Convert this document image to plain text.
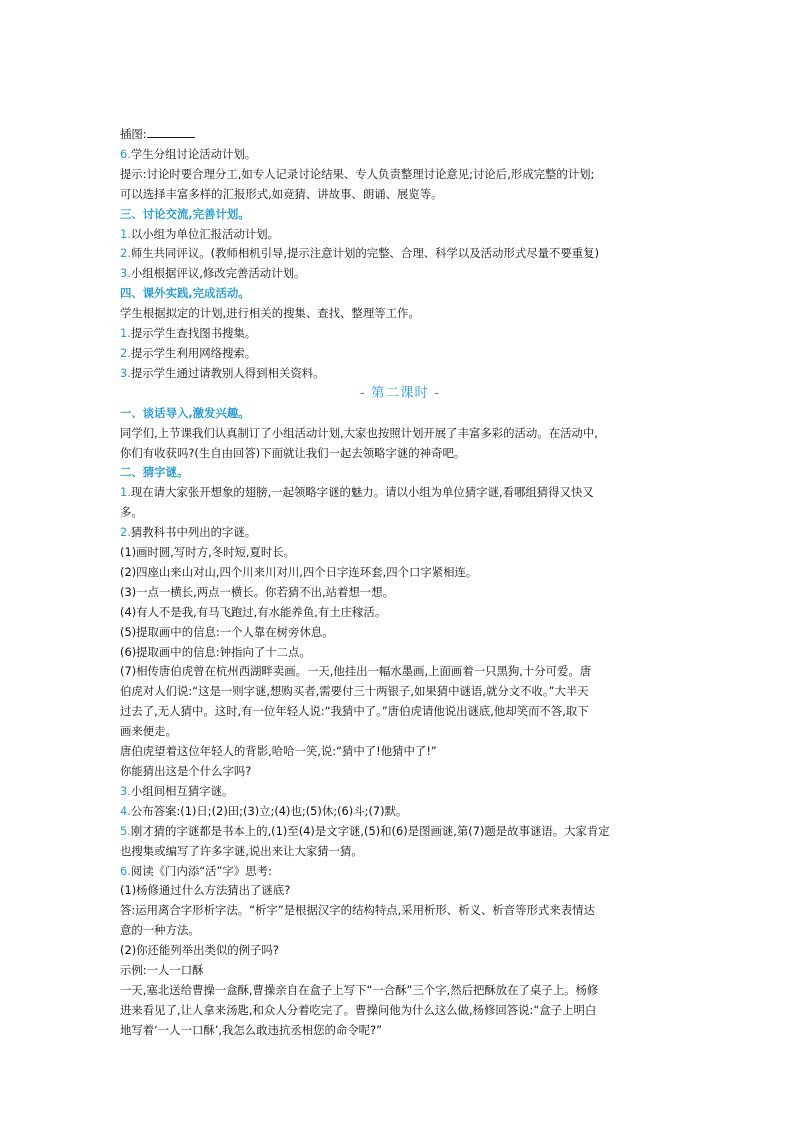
插图:
6.学生分组讨论活动计划。
提示:讨论时要合理分工,如专人记录讨论结果、专人负责整理讨论意见;讨论后,形成完整的计划;
可以选择丰富多样的汇报形式,如竞猜、讲故事、朗诵、展览等。
三、讨论交流,完善计划。
1.以小组为单位汇报活动计划。
2.师生共同评议。(教师相机引导,提示注意计划的完整、合理、科学以及活动形式尽量不要重复)
3.小组根据评议,修改完善活动计划。
四、课外实践,完成活动。
学生根据拟定的计划,进行相关的搜集、查找、整理等工作。
1.提示学生查找图书搜集。
2.提示学生利用网络搜索。
3.提示学生通过请教别人得到相关资料。
- 第二课时 -
一、谈话导入,激发兴趣。
同学们,上节课我们认真制订了小组活动计划,大家也按照计划开展了丰富多彩的活动。在活动中,
你们有收获吗?(生自由回答)下面就让我们一起去领略字谜的神奇吧。
二、猜字谜。
1.现在请大家张开想象的翅膀,一起领略字谜的魅力。请以小组为单位猜字谜,看哪组猜得又快又
多。
2.猜教科书中列出的字谜。
(1)画时圆,写时方,冬时短,夏时长。
(2)四座山来山对山,四个川来川对川,四个日字连环套,四个口字紧相连。
(3)一点一横长,两点一横长。你若猜不出,站着想一想。
(4)有人不是我,有马飞跑过,有水能养鱼,有土庄稼活。
(5)提取画中的信息:一个人靠在树旁休息。
(6)提取画中的信息:钟指向了十二点。
(7)相传唐伯虎曾在杭州西湖畔卖画。一天,他挂出一幅水墨画,上面画着一只黑狗,十分可爱。唐
伯虎对人们说:“这是一则字谜,想购买者,需要付三十两银子,如果猜中谜语,就分文不收。”大半天
过去了,无人猜中。这时,有一位年轻人说:“我猜中了。”唐伯虎请他说出谜底,他却笑而不答,取下
画来便走。
唐伯虎望着这位年轻人的背影,哈哈一笑,说:“猜中了!他猜中了!”
你能猜出这是个什么字吗?
3.小组间相互猜字谜。
4.公布答案:(1)日;(2)田;(3)立;(4)也;(5)休;(6)斗;(7)默。
5.刚才猜的字谜都是书本上的,(1)至(4)是文字谜,(5)和(6)是图画谜,第(7)题是故事谜语。大家肯定
也搜集或编写了许多字谜,说出来让大家猜一猜。
6.阅读《门内添“活”字》思考:
(1)杨修通过什么方法猜出了谜底?
答:运用离合字形析字法。“析字”是根据汉字的结构特点,采用析形、析义、析音等形式来表情达
意的一种方法。
(2)你还能列举出类似的例子吗?
示例:一人一口酥
一天,塞北送给曹操一盒酥,曹操亲自在盒子上写下“一合酥”三个字,然后把酥放在了桌子上。杨修
进来看见了,让人拿来汤匙,和众人分着吃完了。曹操问他为什么这么做,杨修回答说:“盒子上明白
地写着‘一人一口酥’,我怎么敢违抗丞相您的命令呢?”
